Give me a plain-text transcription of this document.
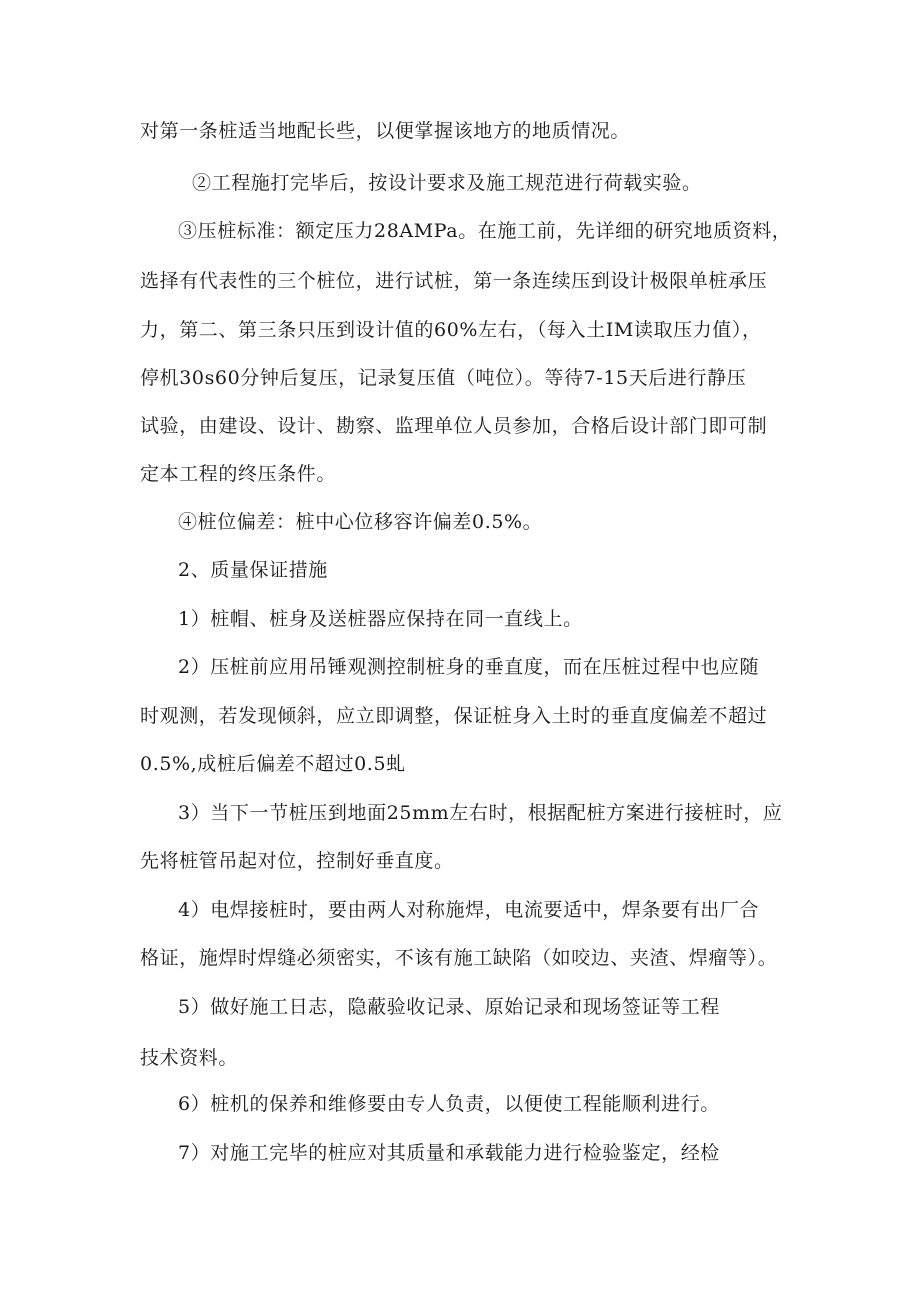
对第一条桩适当地配长些，以便掌握该地方的地质情况。
②工程施打完毕后，按设计要求及施工规范进行荷载实验。
③压桩标准：额定压力28AMPa。在施工前，先详细的研究地质资料，
选择有代表性的三个桩位，进行试桩，第一条连续压到设计极限单桩承压
力，第二、第三条只压到设计值的60%左右，（每入土IM读取压力值），
停机30s60分钟后复压，记录复压值（吨位）。等待7-15天后进行静压
试验，由建设、设计、勘察、监理单位人员参加，合格后设计部门即可制
定本工程的终压条件。
④桩位偏差：桩中心位移容许偏差0.5%。
2、质量保证措施
1）桩帽、桩身及送桩器应保持在同一直线上。
2）压桩前应用吊锤观测控制桩身的垂直度，而在压桩过程中也应随
时观测，若发现倾斜，应立即调整，保证桩身入土时的垂直度偏差不超过
0.5%,成桩后偏差不超过0.5虬
3）当下一节桩压到地面25mm左右时，根据配桩方案进行接桩时，应
先将桩管吊起对位，控制好垂直度。
4）电焊接桩时，要由两人对称施焊，电流要适中，焊条要有出厂合
格证，施焊时焊缝必须密实，不该有施工缺陷（如咬边、夹渣、焊瘤等）。
5）做好施工日志，隐蔽验收记录、原始记录和现场签证等工程
技术资料。
6）桩机的保养和维修要由专人负责，以便使工程能顺利进行。
7）对施工完毕的桩应对其质量和承载能力进行检验鉴定，经检
